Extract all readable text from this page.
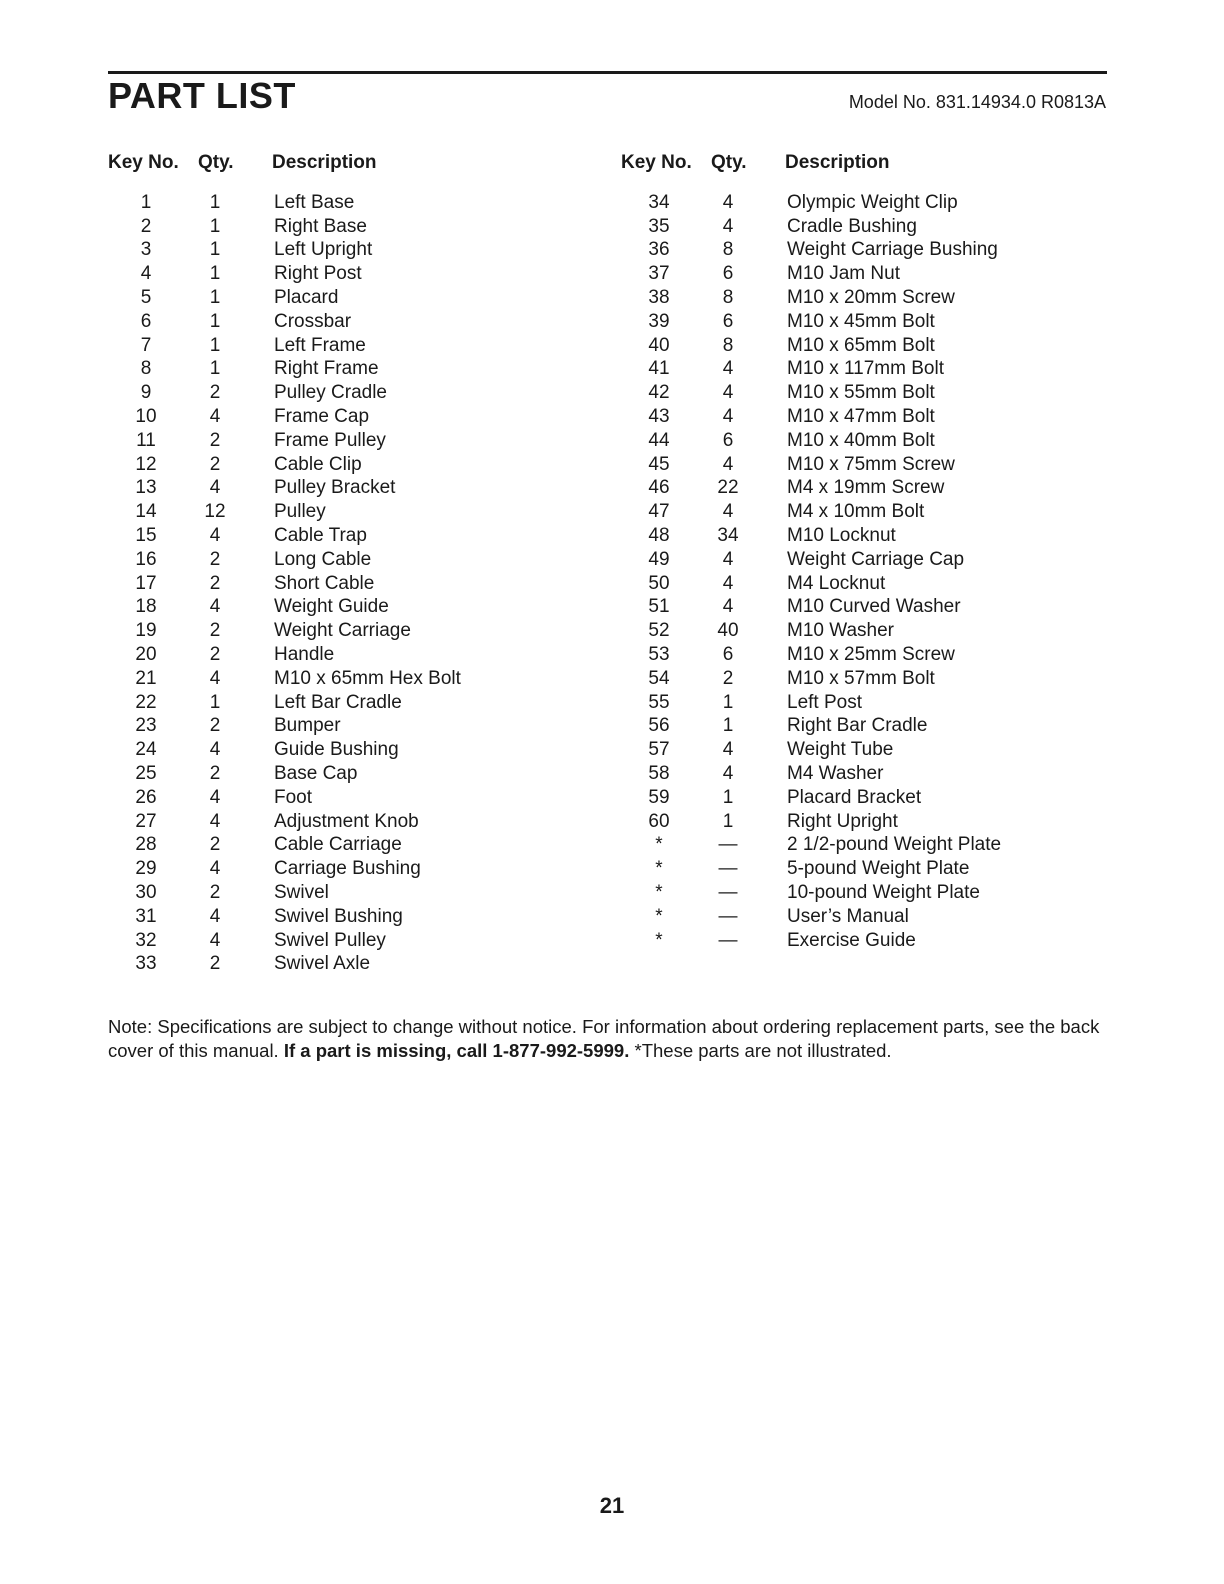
PART LIST	Model No. 831.14934.0 R0813A
Key No.	Qty.	Description
1	1	Left Base
2	1	Right Base
3	1	Left Upright
4	1	Right Post
5	1	Placard
6	1	Crossbar
7	1	Left Frame
8	1	Right Frame
9	2	Pulley Cradle
10	4	Frame Cap
11	2	Frame Pulley
12	2	Cable Clip
13	4	Pulley Bracket
14	12	Pulley
15	4	Cable Trap
16	2	Long Cable
17	2	Short Cable
18	4	Weight Guide
19	2	Weight Carriage
20	2	Handle
21	4	M10 x 65mm Hex Bolt
22	1	Left Bar Cradle
23	2	Bumper
24	4	Guide Bushing
25	2	Base Cap
26	4	Foot
27	4	Adjustment Knob
28	2	Cable Carriage
29	4	Carriage Bushing
30	2	Swivel
31	4	Swivel Bushing
32	4	Swivel Pulley
33	2	Swivel Axle
Key No.	Qty.	Description
34	4	Olympic Weight Clip
35	4	Cradle Bushing
36	8	Weight Carriage Bushing
37	6	M10 Jam Nut
38	8	M10 x 20mm Screw
39	6	M10 x 45mm Bolt
40	8	M10 x 65mm Bolt
41	4	M10 x 117mm Bolt
42	4	M10 x 55mm Bolt
43	4	M10 x 47mm Bolt
44	6	M10 x 40mm Bolt
45	4	M10 x 75mm Screw
46	22	M4 x 19mm Screw
47	4	M4 x 10mm Bolt
48	34	M10 Locknut
49	4	Weight Carriage Cap
50	4	M4 Locknut
51	4	M10 Curved Washer
52	40	M10 Washer
53	6	M10 x 25mm Screw
54	2	M10 x 57mm Bolt
55	1	Left Post
56	1	Right Bar Cradle
57	4	Weight Tube
58	4	M4 Washer
59	1	Placard Bracket
60	1	Right Upright
*	—	2 1/2-pound Weight Plate
*	—	5-pound Weight Plate
*	—	10-pound Weight Plate
*	—	User’s Manual
*	—	Exercise Guide

Note: Specifications are subject to change without notice. For information about ordering replacement parts, see the back cover of this manual. If a part is missing, call 1-877-992-5999. *These parts are not illustrated.

21
